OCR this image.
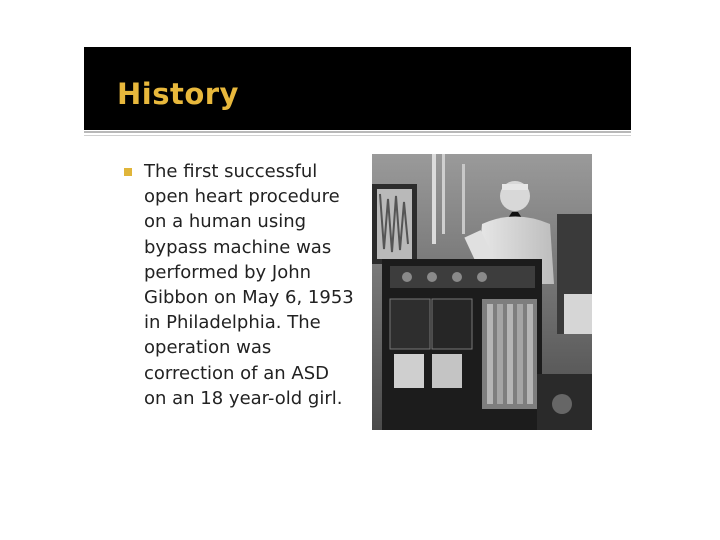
History

The first successful
open heart procedure
on a human using
bypass machine was
performed by John
Gibbon on May 6, 1953
in Philadelphia. The
operation was
correction of an ASD
on an 18 year-old girl.
